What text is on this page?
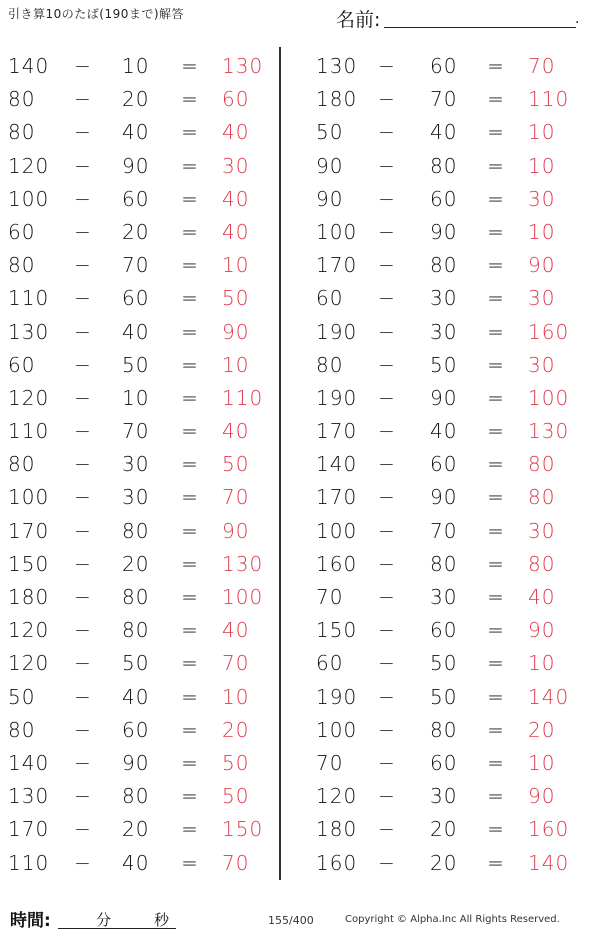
引き算10のたば(190まで)解答	名前:	.
140	− 10	= 130
80	− 20	= 60
80	− 40	= 40
120	− 90	= 30
100	− 60	= 40
60	− 20	= 40
80	− 70	= 10
110	− 60	= 50
130	− 40	= 90
60	− 50	= 10
120	− 10	= 110
110	− 70	= 40
80	− 30	= 50
100	− 30	= 70
170	− 80	= 90
150	− 20	= 130
180	− 80	= 100
120	− 80	= 40
120	− 50	= 70
50	− 40	= 10
80	− 60	= 20
140	− 90	= 50
130	− 80	= 50
170	− 20	= 150
110	− 40	= 70
130	− 60	= 70
180	− 70	= 110
50	− 40	= 10
90	− 80	= 10
90	− 60	= 30
100	− 90	= 10
170	− 80	= 90
60	− 30	= 30
190	− 30	= 160
80	− 50	= 30
190	− 90	= 100
170	− 40	= 130
140	− 60	= 80
170	− 90	= 80
100	− 70	= 30
160	− 80	= 80
70	− 30	= 40
150	− 60	= 90
60	− 50	= 10
190	− 50	= 140
100	− 80	= 20
70	− 60	= 10
120	− 30	= 90
180	− 20	= 160
160	− 20	= 140
時間:	分	秒	155/400	Copyright © Alpha.Inc All Rights Reserved.
